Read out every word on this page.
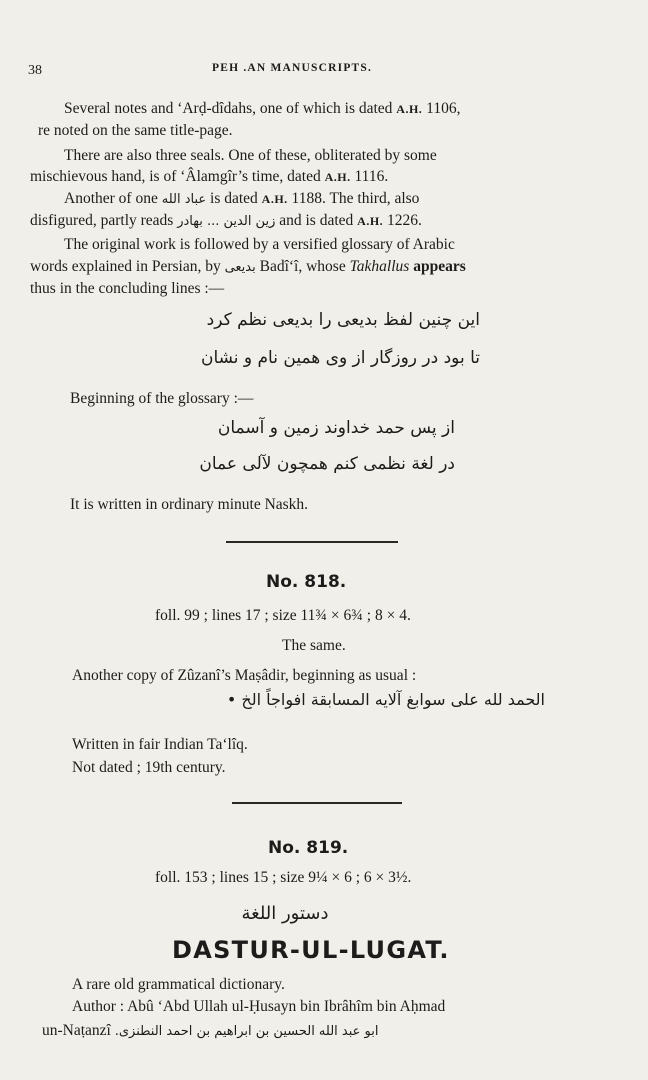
38	PEH .AN MANUSCRIPTS.
Several notes and ‘Arḍ-dîdahs, one of which is dated A.H. 1106,
re noted on the same title-page.
There are also three seals. One of these, obliterated by some
mischievous hand, is of ‘Âlamgîr’s time, dated A.H. 1116.
Another of one عباد الله is dated A.H. 1188. The third, also
disfigured, partly reads زين الدين ... بهادر and is dated A.H. 1226.
The original work is followed by a versified glossary of Arabic
words explained in Persian, by بديعى Badî‘î, whose Takhallus appears
thus in the concluding lines :—
این چنین لفظ بدیعی را بدیعی نظم کرد
تا بود در روزگار از وی همین نام و نشان
Beginning of the glossary :—
از پس حمد خداوند زمین و آسمان
در لغة نظمی کنم همچون لآلی عمان
It is written in ordinary minute Naskh.
No. 818.
foll. 99 ; lines 17 ; size 11¾ × 6¾ ; 8 × 4.
The same.
Another copy of Zûzanî’s Maṣâdir, beginning as usual :
الحمد لله على سوابغ آلایه المسابقة افواجاً الخ •
Written in fair Indian Ta‘lîq.
Not dated ; 19th century.
No. 819.
foll. 153 ; lines 15 ; size 9¼ × 6 ; 6 × 3½.
دستور اللغة
DASTUR-UL-LUGAT.
A rare old grammatical dictionary.
Author : Abû ‘Abd Ullah ul-Ḥusayn bin Ibrâhîm bin Aḥmad
un-Naṭanzî ابو عبد الله الحسین بن ابراهیم بن احمد النطنزی.
